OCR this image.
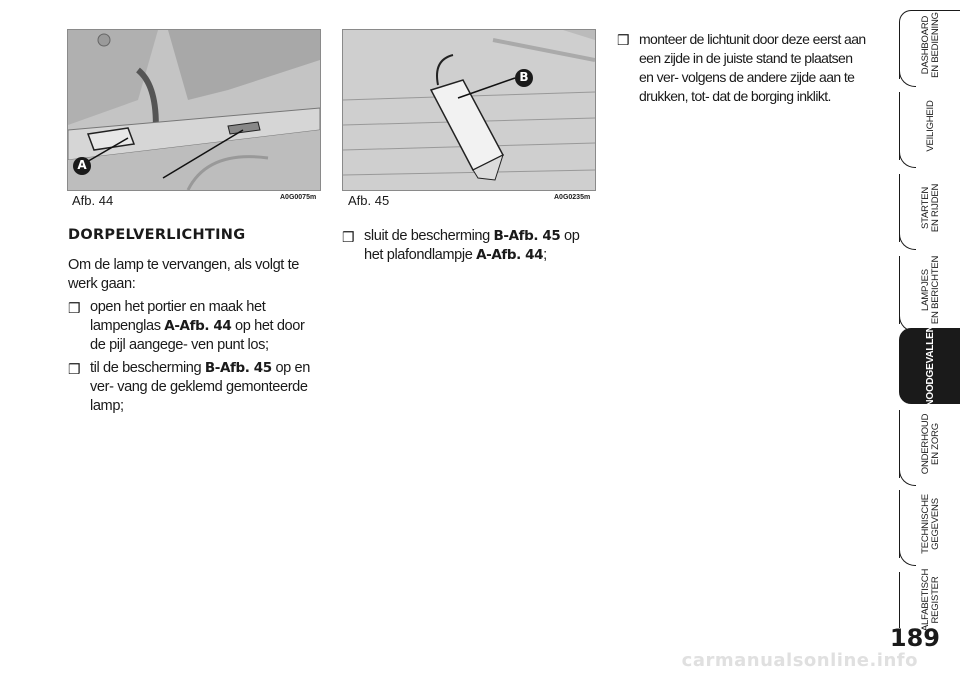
A
Afb. 44	A0G0075m
B
Afb. 45	A0G0235m
DORPELVERLICHTING

Om de lamp te vervangen, als volgt te werk gaan:

❒ open het portier en maak het lampenglas A-Afb. 44 op het door de pijl aangege- ven punt los;
❒ til de bescherming B-Afb. 45 op en ver- vang de geklemd gemonteerde lamp;
❒ sluit de bescherming B-Afb. 45 op het plafondlampje A-Afb. 44;
❒ monteer de lichtunit door deze eerst aan een zijde in de juiste stand te plaatsen en ver- volgens de andere zijde aan te drukken, tot- dat de borging inklikt.
DASHBOARD
EN BEDIENING
VEILIGHEID
STARTEN
EN RIJDEN
LAMPJES
EN BERICHTEN
NOODGEVALLEN
ONDERHOUD
EN ZORG
TECHNISCHE
GEGEVENS
ALFABETISCH
REGISTER
189
carmanualsonline.info
